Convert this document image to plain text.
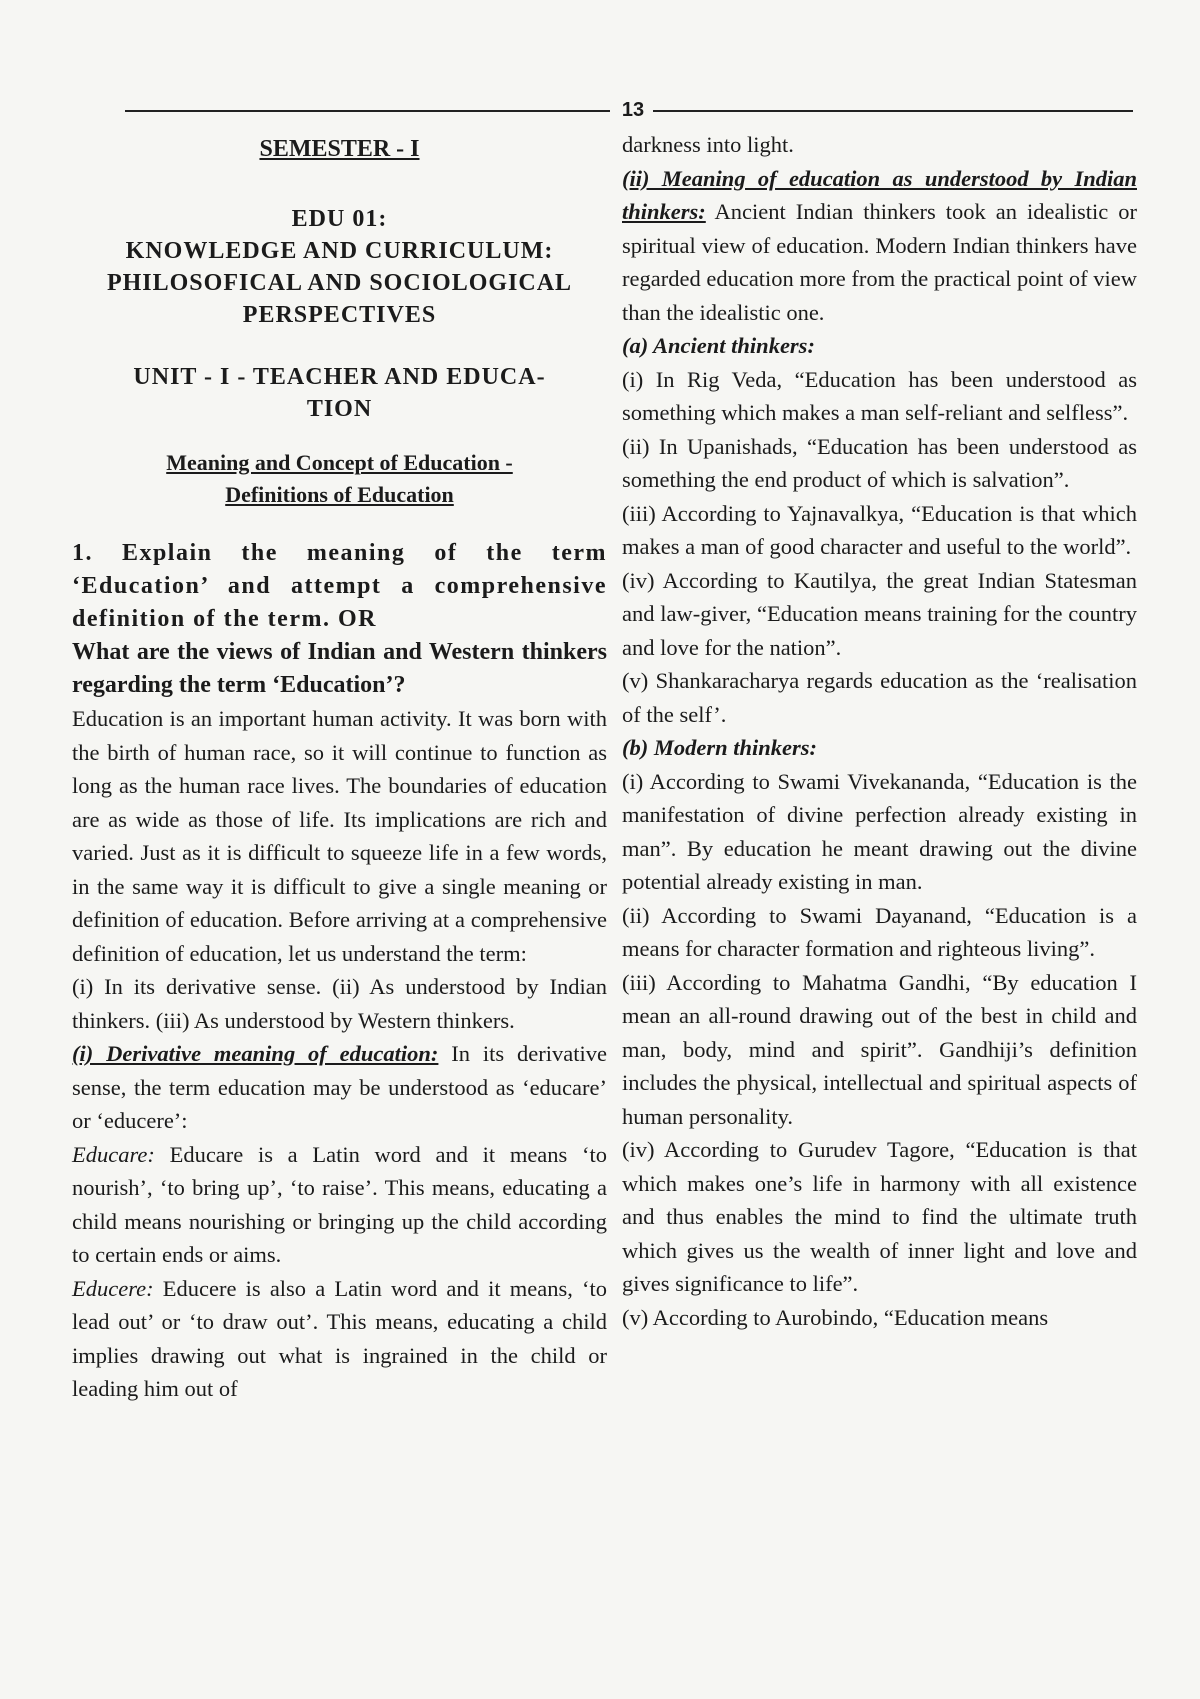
13
SEMESTER - I
EDU 01:
KNOWLEDGE AND CURRICULUM:
PHILOSOFICAL AND SOCIOLOGICAL
PERSPECTIVES
UNIT - I - TEACHER AND EDUCA-
TION
Meaning and Concept of Education -
Definitions of Education
1. Explain the meaning of the term ‘Education’ and attempt a comprehensive definition of the term. OR
What are the views of Indian and Western thinkers regarding the term ‘Education’?

Education is an important human activity. It was born with the birth of human race, so it will continue to function as long as the human race lives. The boundaries of education are as wide as those of life. Its implications are rich and varied. Just as it is difficult to squeeze life in a few words, in the same way it is difficult to give a single meaning or definition of education. Before arriving at a comprehensive definition of education, let us understand the term:

(i) In its derivative sense. (ii) As understood by Indian thinkers. (iii) As understood by Western thinkers.

(i) Derivative meaning of education: In its derivative sense, the term education may be understood as ‘educare’ or ‘educere’:

Educare: Educare is a Latin word and it means ‘to nourish’, ‘to bring up’, ‘to raise’. This means, educating a child means nourishing or bringing up the child according to certain ends or aims.

Educere: Educere is also a Latin word and it means, ‘to lead out’ or ‘to draw out’. This means, educating a child implies drawing out what is ingrained in the child or leading him out of

darkness into light.

(ii) Meaning of education as understood by Indian thinkers: Ancient Indian thinkers took an idealistic or spiritual view of education. Modern Indian thinkers have regarded education more from the practical point of view than the idealistic one.

(a) Ancient thinkers:

(i) In Rig Veda, “Education has been understood as something which makes a man self-reliant and selfless”.

(ii) In Upanishads, “Education has been understood as something the end product of which is salvation”.

(iii) According to Yajnavalkya, “Education is that which makes a man of good character and useful to the world”.

(iv) According to Kautilya, the great Indian Statesman and law-giver, “Education means training for the country and love for the nation”.

(v) Shankaracharya regards education as the ‘realisation of the self’.

(b) Modern thinkers:

(i) According to Swami Vivekananda, “Education is the manifestation of divine perfection already existing in man”. By education he meant drawing out the divine potential already existing in man.

(ii) According to Swami Dayanand, “Education is a means for character formation and righteous living”.

(iii) According to Mahatma Gandhi, “By education I mean an all-round drawing out of the best in child and man, body, mind and spirit”. Gandhiji’s definition includes the physical, intellectual and spiritual aspects of human personality.

(iv) According to Gurudev Tagore, “Education is that which makes one’s life in harmony with all existence and thus enables the mind to find the ultimate truth which gives us the wealth of inner light and love and gives significance to life”.

(v) According to Aurobindo, “Education means
